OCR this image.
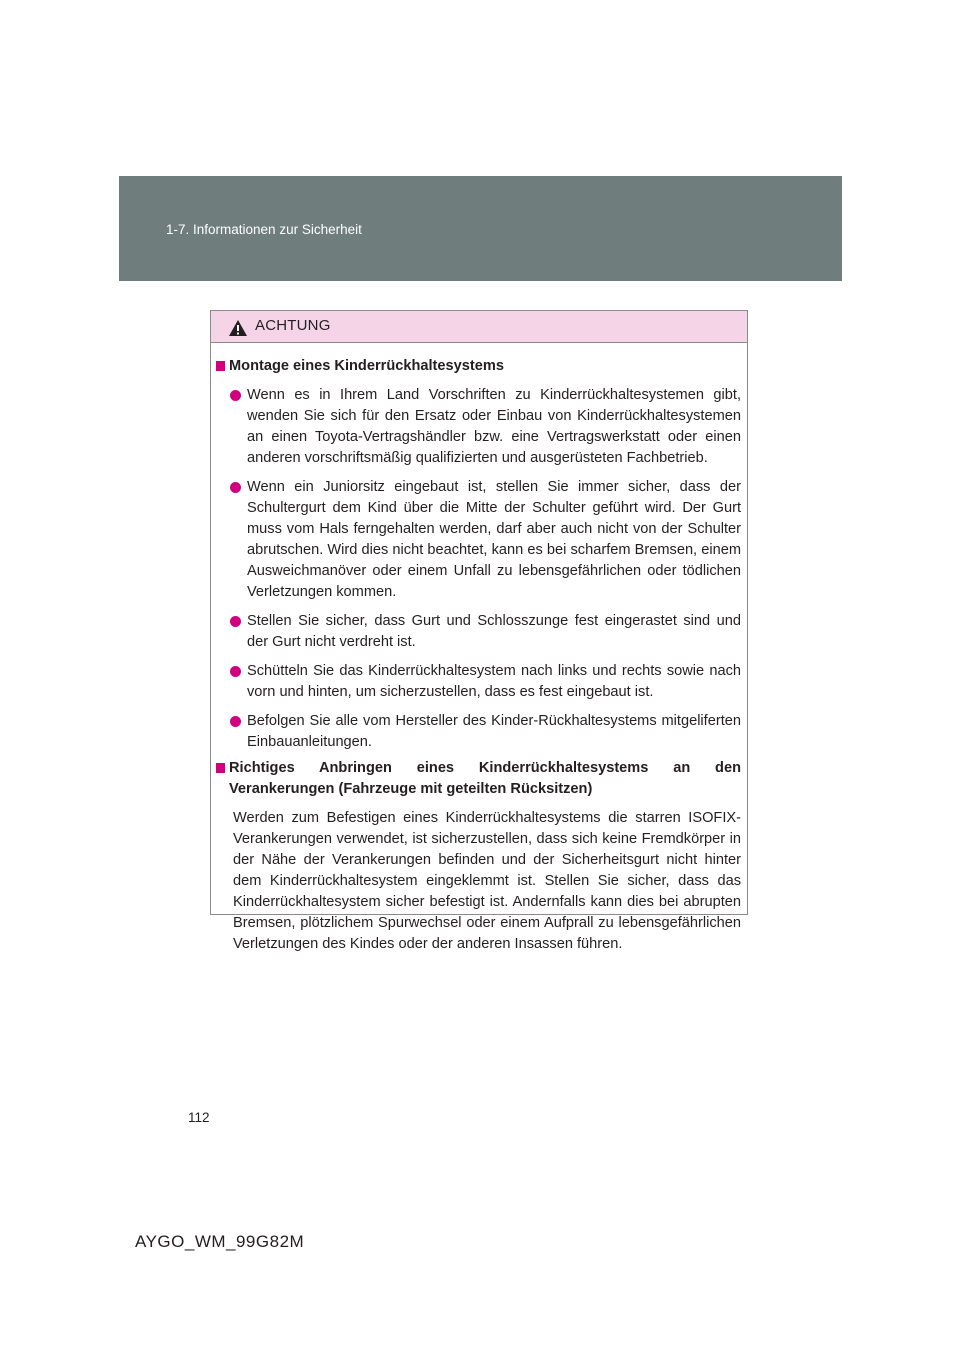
1-7. Informationen zur Sicherheit
ACHTUNG
Montage eines Kinderrückhaltesystems
Wenn es in Ihrem Land Vorschriften zu Kinderrückhaltesystemen gibt, wenden Sie sich für den Ersatz oder Einbau von Kinderrückhaltesystemen an einen Toyota-Vertragshändler bzw. eine Vertragswerkstatt oder einen anderen vorschriftsmäßig qualifizierten und ausgerüsteten Fachbetrieb.
Wenn ein Juniorsitz eingebaut ist, stellen Sie immer sicher, dass der Schultergurt dem Kind über die Mitte der Schulter geführt wird. Der Gurt muss vom Hals ferngehalten werden, darf aber auch nicht von der Schulter abrutschen. Wird dies nicht beachtet, kann es bei scharfem Bremsen, einem Ausweichmanöver oder einem Unfall zu lebensgefährlichen oder tödlichen Verletzungen kommen.
Stellen Sie sicher, dass Gurt und Schlosszunge fest eingerastet sind und der Gurt nicht verdreht ist.
Schütteln Sie das Kinderrückhaltesystem nach links und rechts sowie nach vorn und hinten, um sicherzustellen, dass es fest eingebaut ist.
Befolgen Sie alle vom Hersteller des Kinder-Rückhaltesystems mitgeliferten Einbauanleitungen.
Richtiges Anbringen eines Kinderrückhaltesystems an den Verankerungen (Fahrzeuge mit geteilten Rücksitzen)
Werden zum Befestigen eines Kinderrückhaltesystems die starren ISOFIX-Verankerungen verwendet, ist sicherzustellen, dass sich keine Fremdkörper in der Nähe der Verankerungen befinden und der Sicherheitsgurt nicht hinter dem Kinderrückhaltesystem eingeklemmt ist. Stellen Sie sicher, dass das Kinderrückhaltesystem sicher befestigt ist. Andernfalls kann dies bei abrupten Bremsen, plötzlichem Spurwechsel oder einem Aufprall zu lebensgefährlichen Verletzungen des Kindes oder der anderen Insassen führen.
112
AYGO_WM_99G82M
